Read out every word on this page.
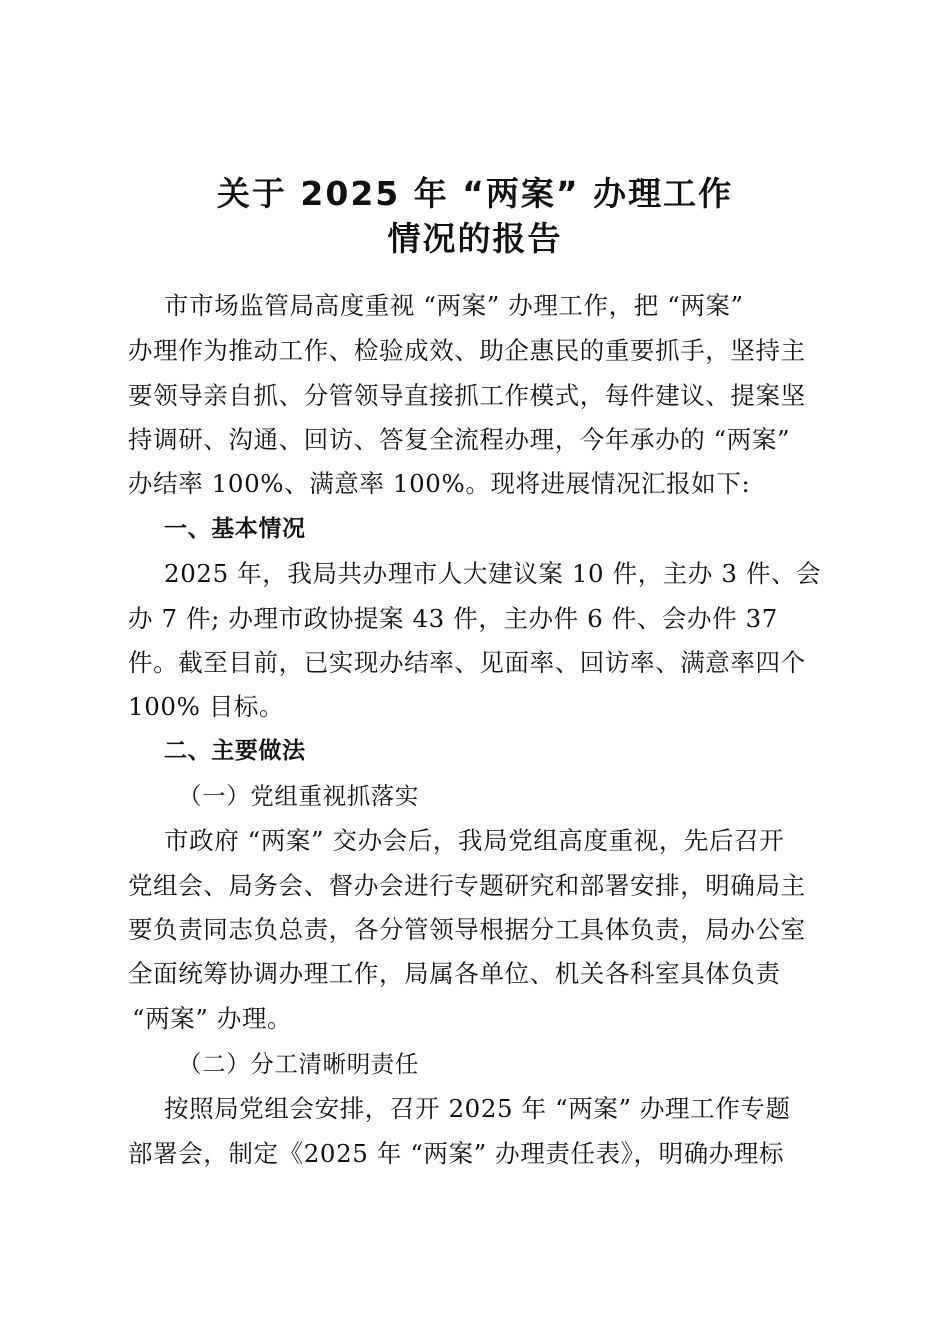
关于 2025 年 “两案” 办理工作
情况的报告
市市场监管局高度重视 “两案” 办理工作，把 “两案”
办理作为推动工作、检验成效、助企惠民的重要抓手，坚持主
要领导亲自抓、分管领导直接抓工作模式，每件建议、提案坚
持调研、沟通、回访、答复全流程办理，今年承办的 “两案”
办结率 100%、满意率 100%。现将进展情况汇报如下:
一、基本情况
2025 年，我局共办理市人大建议案 10 件，主办 3 件、会
办 7 件; 办理市政协提案 43 件，主办件 6 件、会办件 37
件。截至目前，已实现办结率、见面率、回访率、满意率四个
100% 目标。
二、主要做法
（一）党组重视抓落实
市政府 “两案” 交办会后，我局党组高度重视，先后召开
党组会、局务会、督办会进行专题研究和部署安排，明确局主
要负责同志负总责，各分管领导根据分工具体负责，局办公室
全面统筹协调办理工作，局属各单位、机关各科室具体负责
“两案” 办理。
（二）分工清晰明责任
按照局党组会安排，召开 2025 年 “两案” 办理工作专题
部署会，制定《2025 年 “两案” 办理责任表》，明确办理标
